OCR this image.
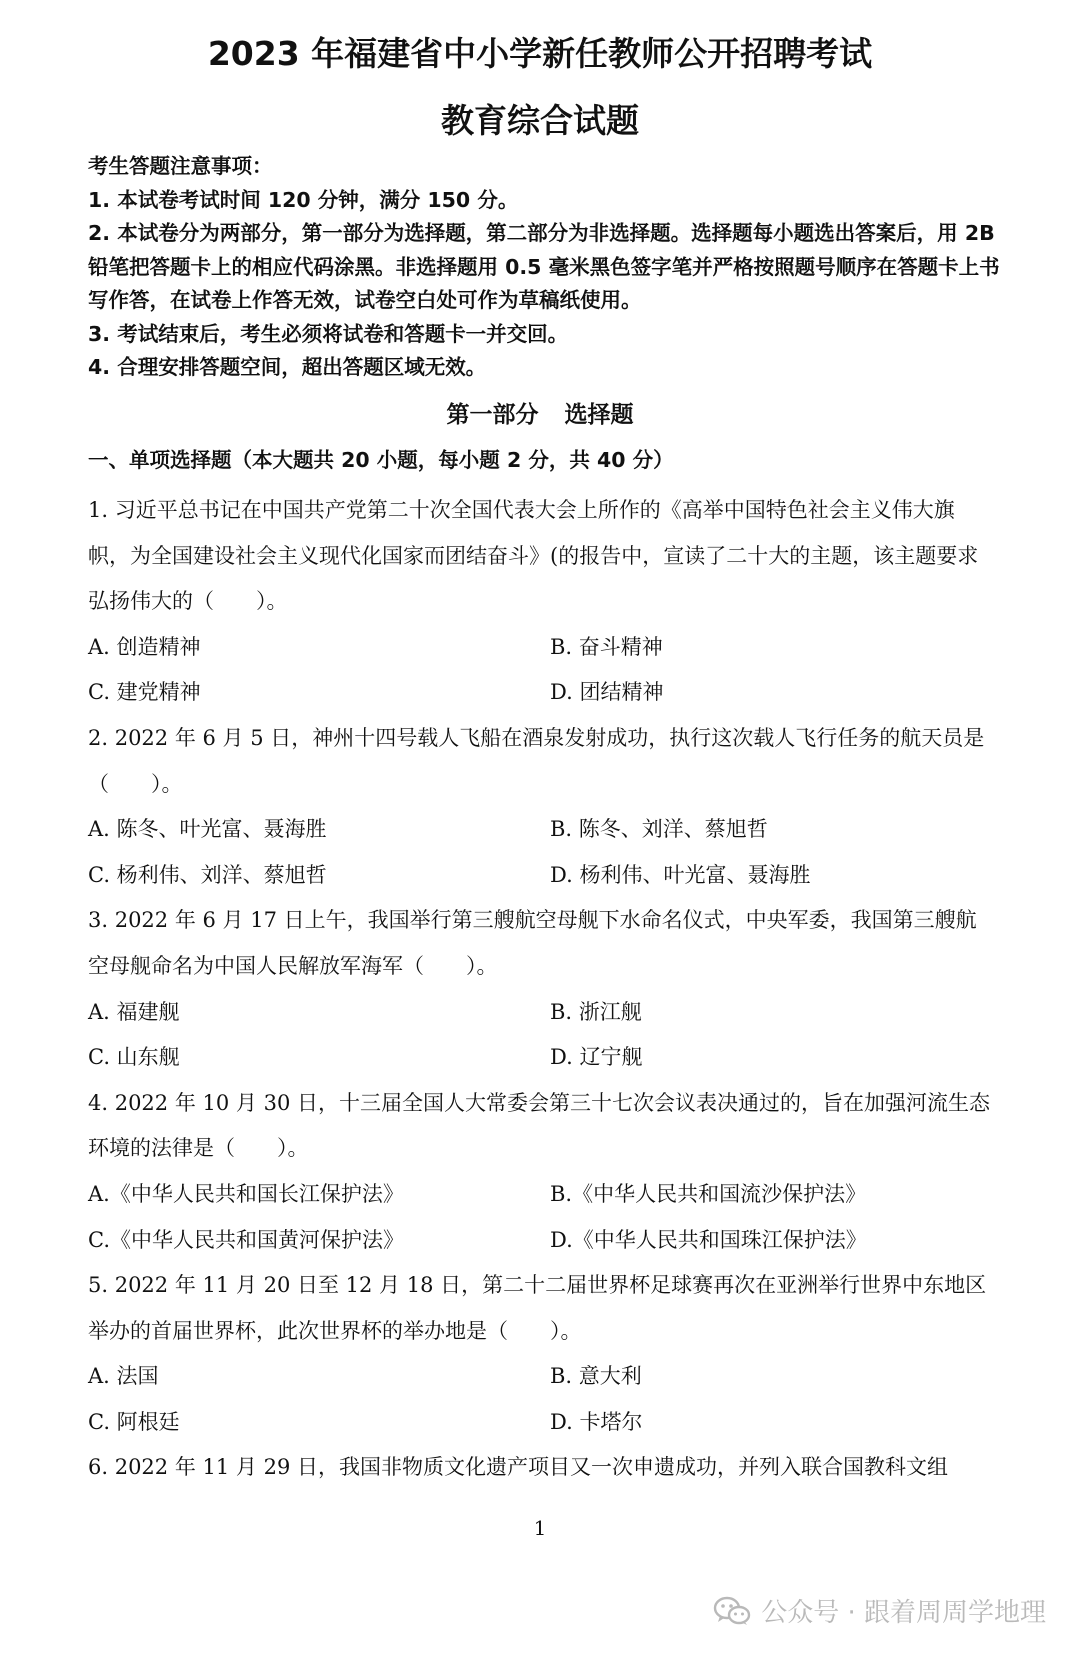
2023 年福建省中小学新任教师公开招聘考试
教育综合试题

考生答题注意事项：

1. 本试卷考试时间 120 分钟，满分 150 分。

2. 本试卷分为两部分，第一部分为选择题，第二部分为非选择题。选择题每小题选出答案后，用 2B 铅笔把答题卡上的相应代码涂黑。非选择题用 0.5 毫米黑色签字笔并严格按照题号顺序在答题卡上书写作答，在试卷上作答无效，试卷空白处可作为草稿纸使用。

3. 考试结束后，考生必须将试卷和答题卡一并交回。

4. 合理安排答题空间，超出答题区域无效。

第一部分 选择题
一、单项选择题（本大题共 20 小题，每小题 2 分，共 40 分）

1. 习近平总书记在中国共产党第二十次全国代表大会上所作的《高举中国特色社会主义伟大旗帜，为全国建设社会主义现代化国家而团结奋斗》(的报告中，宣读了二十大的主题，该主题要求弘扬伟大的（　　）。

A. 创造精神	B. 奋斗精神
C. 建党精神	D. 团结精神

2. 2022 年 6 月 5 日，神州十四号载人飞船在酒泉发射成功，执行这次载人飞行任务的航天员是（　　）。

A. 陈冬、叶光富、聂海胜	B. 陈冬、刘洋、蔡旭哲
C. 杨利伟、刘洋、蔡旭哲	D. 杨利伟、叶光富、聂海胜

3. 2022 年 6 月 17 日上午，我国举行第三艘航空母舰下水命名仪式，中央军委，我国第三艘航空母舰命名为中国人民解放军海军（　　）。

A. 福建舰	B. 浙江舰
C. 山东舰	D. 辽宁舰

4. 2022 年 10 月 30 日，十三届全国人大常委会第三十七次会议表决通过的，旨在加强河流生态环境的法律是（　　）。

A.《中华人民共和国长江保护法》	B.《中华人民共和国流沙保护法》
C.《中华人民共和国黄河保护法》	D.《中华人民共和国珠江保护法》

5. 2022 年 11 月 20 日至 12 月 18 日，第二十二届世界杯足球赛再次在亚洲举行世界中东地区举办的首届世界杯，此次世界杯的举办地是（　　）。

A. 法国	B. 意大利
C. 阿根廷	D. 卡塔尔

6. 2022 年 11 月 29 日，我国非物质文化遗产项目又一次申遗成功，并列入联合国教科文组

1
公众号 · 跟着周周学地理
